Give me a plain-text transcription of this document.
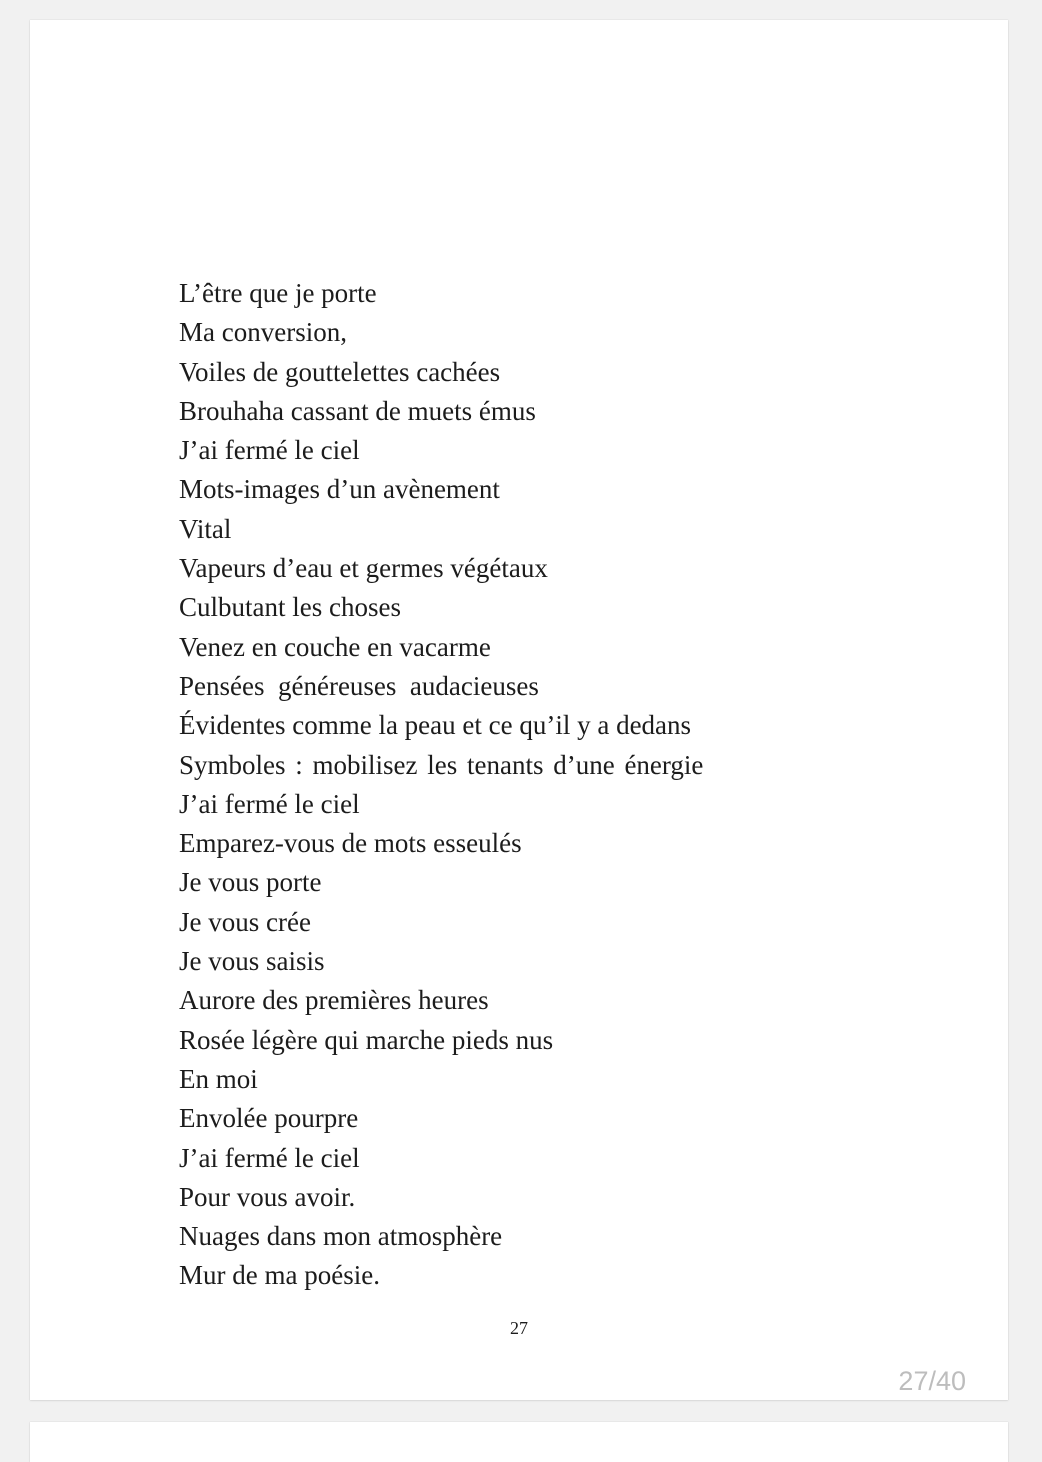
L’être que je porte
Ma conversion,
Voiles de gouttelettes cachées
Brouhaha cassant de muets émus
J’ai fermé le ciel
Mots-images d’un avènement
Vital
Vapeurs d’eau et germes végétaux
Culbutant les choses
Venez en couche en vacarme
Pensées  généreuses  audacieuses
Évidentes comme la peau et ce qu’il y a dedans
Symboles : mobilisez les tenants d’une énergie
J’ai fermé le ciel
Emparez-vous de mots esseulés
Je vous porte
Je vous crée
Je vous saisis
Aurore des premières heures
Rosée légère qui marche pieds nus
En moi
Envolée pourpre
J’ai fermé le ciel
Pour vous avoir.
Nuages dans mon atmosphère
Mur de ma poésie.
27
27/40
